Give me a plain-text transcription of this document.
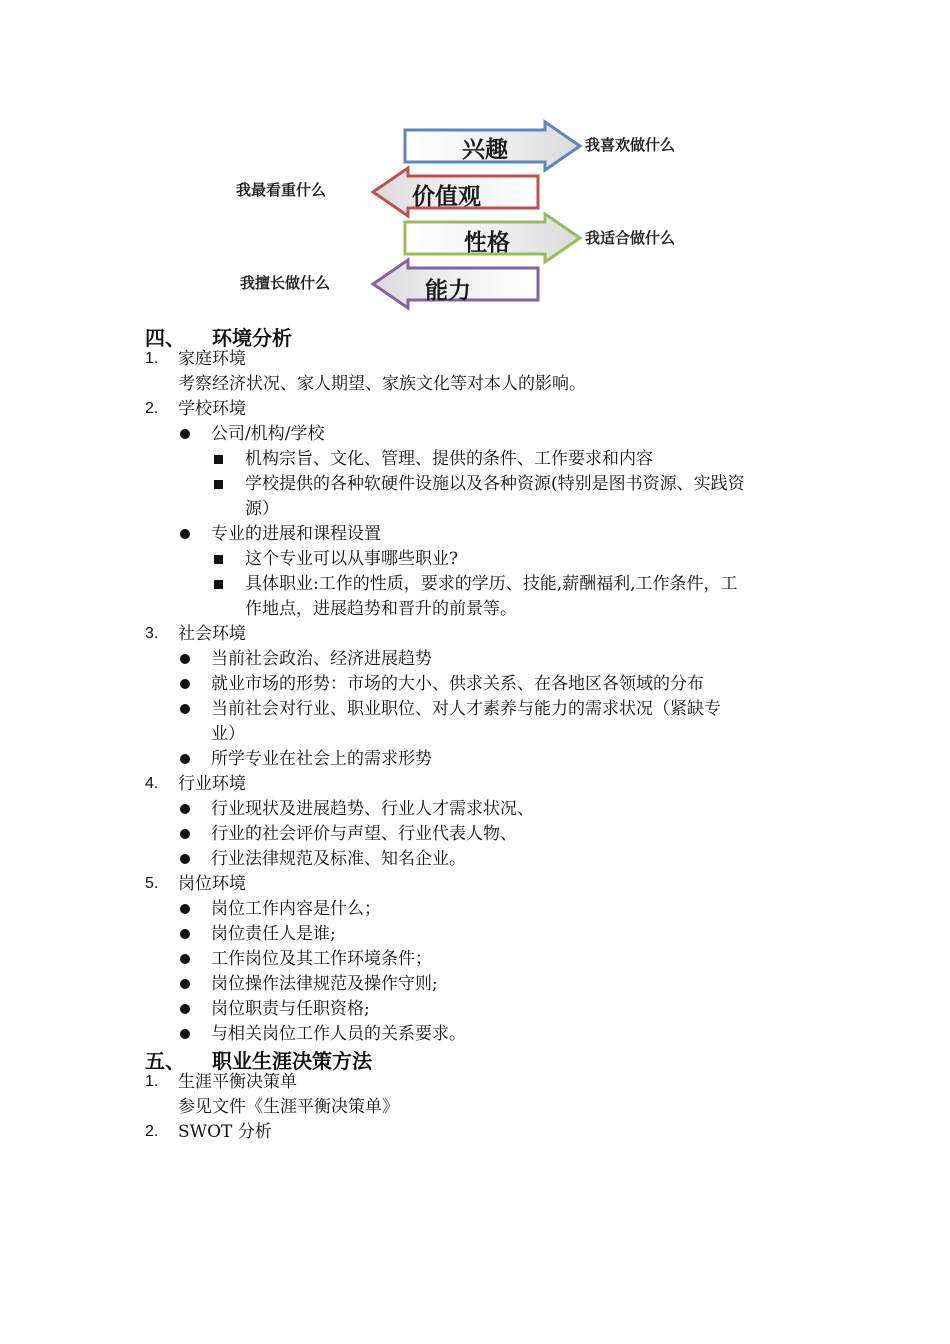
兴趣	我喜欢做什么
价值观
我最看重什么
性格	我适合做什么
能力
我擅长做什么
四、 环境分析
1. 家庭环境
考察经济状况、家人期望、家族文化等对本人的影响。
2. 学校环境
公司/机构/学校
机构宗旨、文化、管理、提供的条件、工作要求和内容
学校提供的各种软硬件设施以及各种资源(特别是图书资源、实践资
源）
专业的进展和课程设置
这个专业可以从事哪些职业?
具体职业:工作的性质，要求的学历、技能,薪酬福利,工作条件，工
作地点，进展趋势和晋升的前景等。
3. 社会环境
当前社会政治、经济进展趋势
就业市场的形势：市场的大小、供求关系、在各地区各领域的分布
当前社会对行业、职业职位、对人才素养与能力的需求状况（紧缺专
业）
所学专业在社会上的需求形势
4. 行业环境
行业现状及进展趋势、行业人才需求状况、
行业的社会评价与声望、行业代表人物、
行业法律规范及标准、知名企业。
5. 岗位环境
岗位工作内容是什么；
岗位责任人是谁;
工作岗位及其工作环境条件；
岗位操作法律规范及操作守则;
岗位职责与任职资格;
与相关岗位工作人员的关系要求。
五、 职业生涯决策方法
1. 生涯平衡决策单
参见文件《生涯平衡决策单》
2. SWOT 分析
